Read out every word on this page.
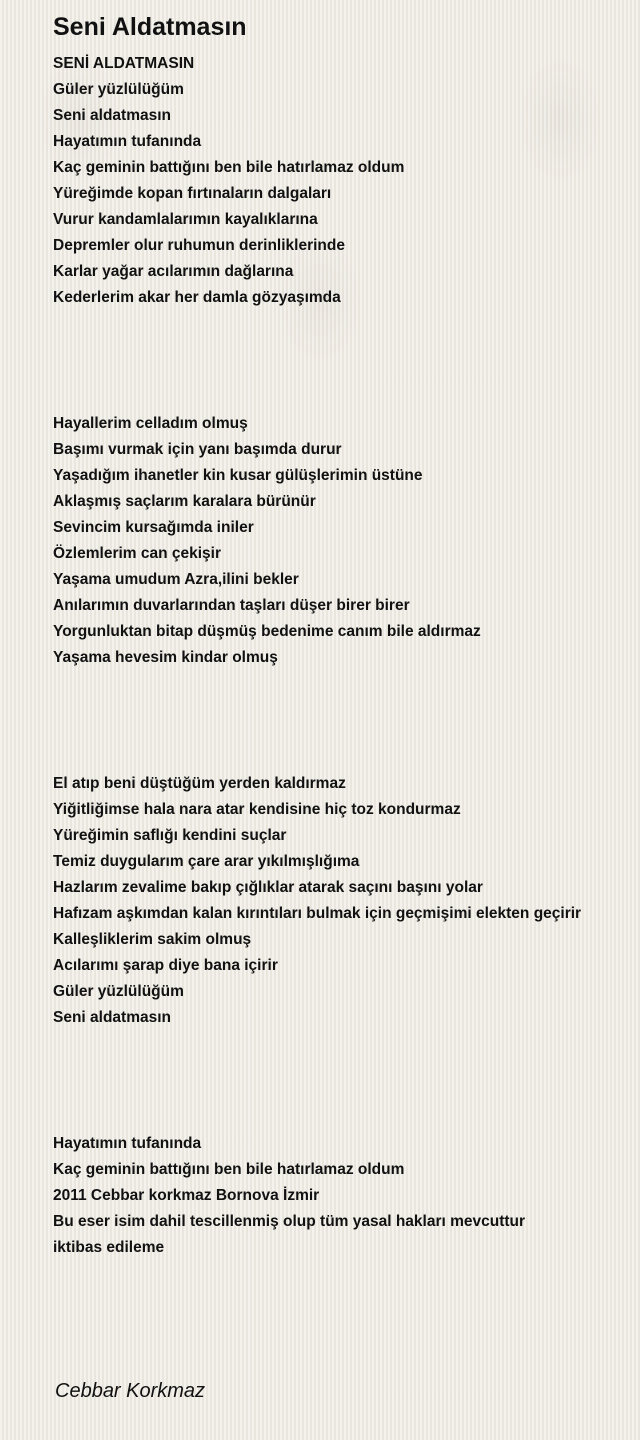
Seni Aldatmasın
SENİ ALDATMASIN
Güler yüzlülüğüm
Seni aldatmasın
Hayatımın tufanında
Kaç geminin battığını ben bile hatırlamaz oldum
Yüreğimde kopan fırtınaların dalgaları
Vurur kandamlalarımın kayalıklarına
Depremler olur ruhumun derinliklerinde
Karlar yağar acılarımın dağlarına
Kederlerim akar her damla gözyaşımda
Hayallerim celladım olmuş
Başımı vurmak için yanı başımda durur
Yaşadığım ihanetler kin kusar gülüşlerimin üstüne
Aklaşmış saçlarım karalara bürünür
Sevincim kursağımda iniler
Özlemlerim can çekişir
Yaşama umudum Azra,ilini bekler
Anılarımın duvarlarından taşları düşer birer birer
Yorgunluktan bitap düşmüş bedenime canım bile aldırmaz
Yaşama hevesim kindar olmuş
El atıp beni düştüğüm yerden kaldırmaz
Yiğitliğimse hala nara atar kendisine hiç toz kondurmaz
Yüreğimin saflığı kendini suçlar
Temiz duygularım çare arar yıkılmışlığıma
Hazlarım zevalime bakıp çığlıklar atarak saçını başını yolar
Hafızam aşkımdan kalan kırıntıları bulmak için geçmişimi elekten geçirir
Kalleşliklerim sakim olmuş
Acılarımı şarap diye bana içirir
Güler yüzlülüğüm
Seni aldatmasın
Hayatımın tufanında
Kaç geminin battığını ben bile hatırlamaz oldum
2011 Cebbar korkmaz Bornova İzmir
Bu eser isim dahil tescillenmiş olup tüm yasal hakları mevcuttur
iktibas edileme
Cebbar Korkmaz
